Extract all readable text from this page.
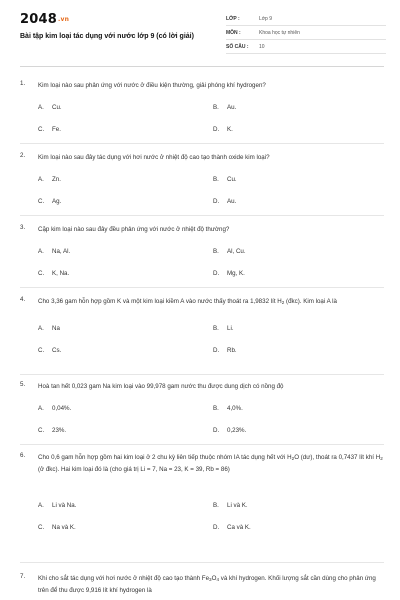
2048.vn
Bài tập kim loại tác dụng với nước lớp 9 (có lời giải)
LỚP :	Lớp 9
MÔN :	Khoa học tự nhiên
SỐ CÂU :	10
1.	Kim loại nào sau phản ứng với nước ở điều kiện thường, giải phóng khí hydrogen?
A.	Cu.	B.	Au.
C.	Fe.	D.	K.
2.	Kim loại nào sau đây tác dụng với hơi nước ở nhiệt độ cao tạo thành oxide kim loại?
A.	Zn.	B.	Cu.
C.	Ag.	D.	Au.
3.	Cặp kim loại nào sau đây đều phản ứng với nước ở nhiệt độ thường?
A.	Na, Al.	B.	Al, Cu.
C.	K, Na.	D.	Mg, K.
4.	Cho 3,36 gam hỗn hợp gồm K và một kim loại kiềm A vào nước thấy thoát ra 1,9832 lít $H_2$ (đkc). Kim loại A là
A.	Na	B.	Li.
C.	Cs.	D.	Rb.
5.	Hoà tan hết 0,023 gam Na kim loại vào 99,978 gam nước thu được dung dịch có nồng độ
A.	0,04%.	B.	4,0%.
C.	23%.	D.	0,23%.
6.	Cho 0,6 gam hỗn hợp gồm hai kim loại ở 2 chu kỳ liên tiếp thuộc nhóm IA tác dụng hết với $H_2O$ (dư), thoát ra 0,7437 lít khí $H_2$ (ở đkc). Hai kim loại đó là (cho giá trị Li = 7, Na = 23, K = 39, Rb = 86)
A.	Li và Na.	B.	Li và K.
C.	Na và K.	D.	Ca và K.
7.	Khi cho sắt tác dụng với hơi nước ở nhiệt độ cao tạo thành $Fe_3O_4$ và khí hydrogen. Khối lượng sắt cần dùng cho phản ứng trên để thu được 9,916 lít khí hydrogen là
